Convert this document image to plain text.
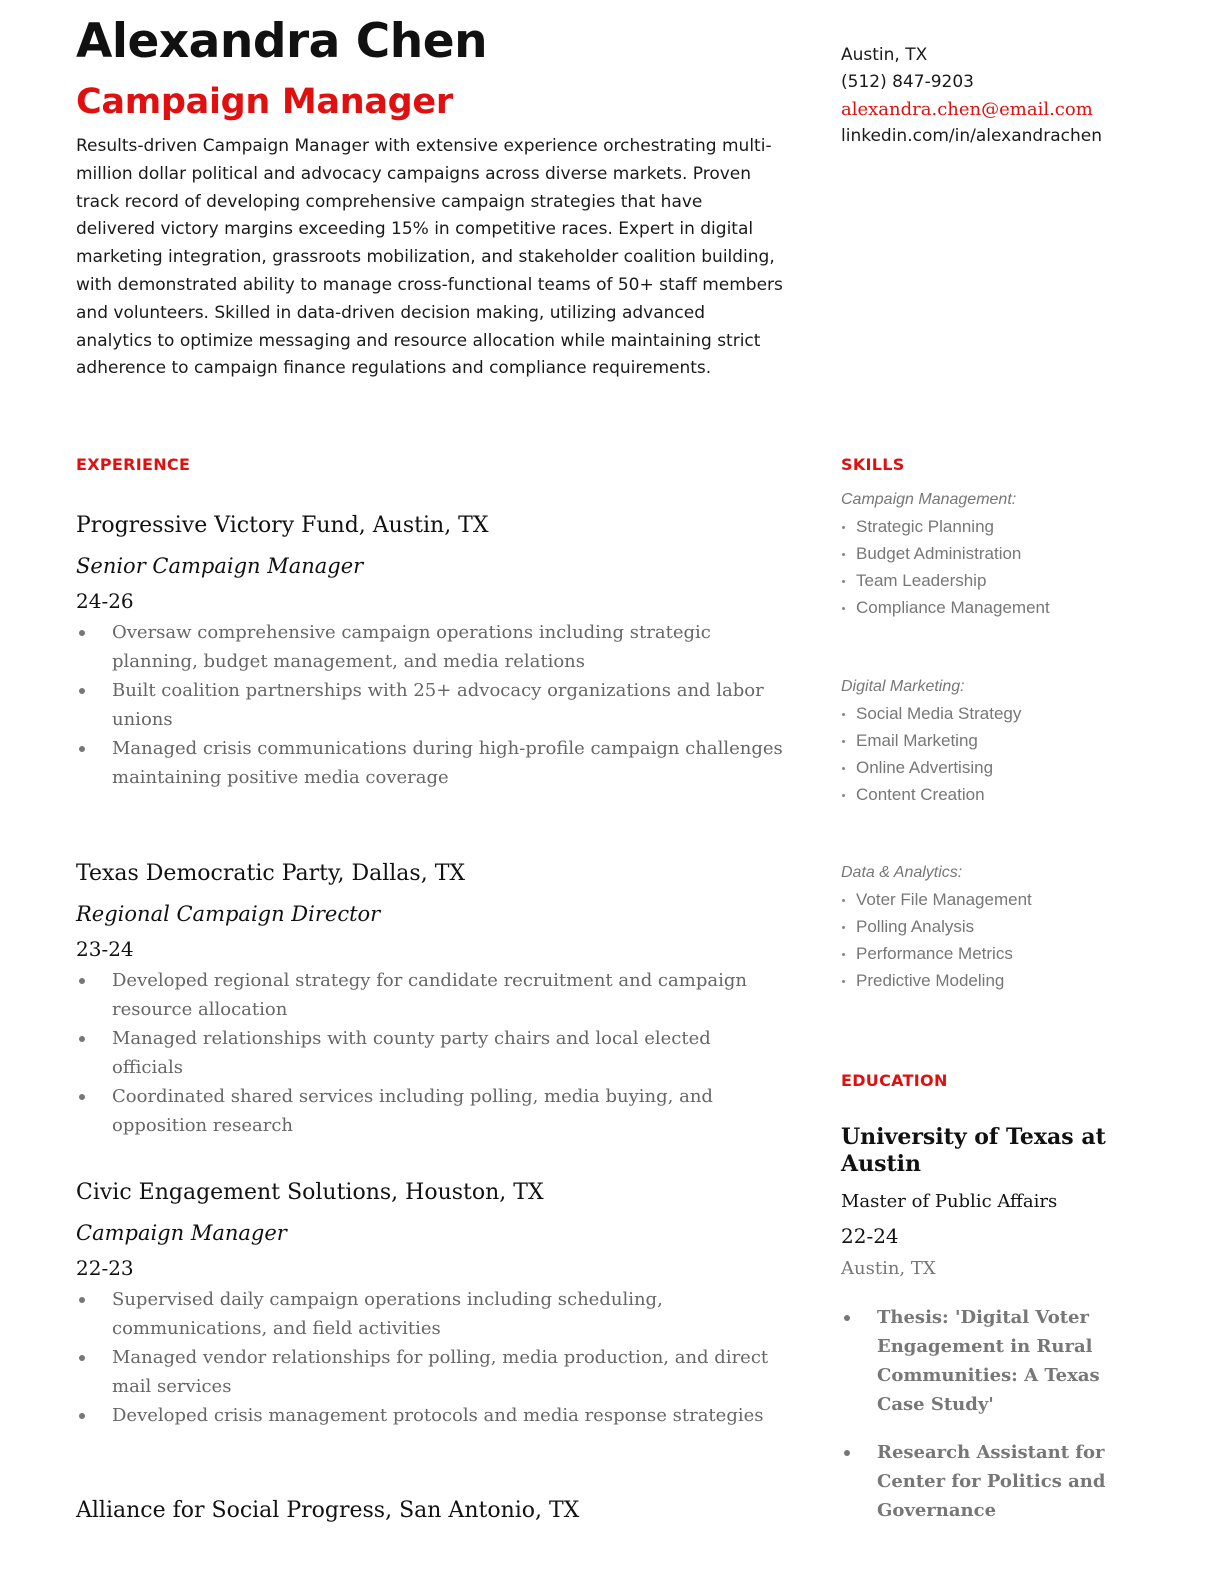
Alexandra Chen
Campaign Manager

Results-driven Campaign Manager with extensive experience orchestrating multi-million dollar political and advocacy campaigns across diverse markets. Proven track record of developing comprehensive campaign strategies that have delivered victory margins exceeding 15% in competitive races. Expert in digital marketing integration, grassroots mobilization, and stakeholder coalition building, with demonstrated ability to manage cross-functional teams of 50+ staff members and volunteers. Skilled in data-driven decision making, utilizing advanced analytics to optimize messaging and resource allocation while maintaining strict adherence to campaign finance regulations and compliance requirements.

Austin, TX
(512) 847-9203
alexandra.chen@email.com
linkedin.com/in/alexandrachen
EXPERIENCE
Progressive Victory Fund, Austin, TX
Senior Campaign Manager
24-26
Oversaw comprehensive campaign operations including strategic planning, budget management, and media relations
Built coalition partnerships with 25+ advocacy organizations and labor unions
Managed crisis communications during high-profile campaign challenges maintaining positive media coverage
Texas Democratic Party, Dallas, TX
Regional Campaign Director
23-24
Developed regional strategy for candidate recruitment and campaign resource allocation
Managed relationships with county party chairs and local elected officials
Coordinated shared services including polling, media buying, and opposition research
Civic Engagement Solutions, Houston, TX
Campaign Manager
22-23
Supervised daily campaign operations including scheduling, communications, and field activities
Managed vendor relationships for polling, media production, and direct mail services
Developed crisis management protocols and media response strategies
Alliance for Social Progress, San Antonio, TX
SKILLS
Campaign Management:
Strategic Planning
Budget Administration
Team Leadership
Compliance Management
Digital Marketing:
Social Media Strategy
Email Marketing
Online Advertising
Content Creation
Data & Analytics:
Voter File Management
Polling Analysis
Performance Metrics
Predictive Modeling
EDUCATION
University of Texas at Austin
Master of Public Affairs
22-24
Austin, TX
Thesis: 'Digital Voter Engagement in Rural Communities: A Texas Case Study'
Research Assistant for Center for Politics and Governance
